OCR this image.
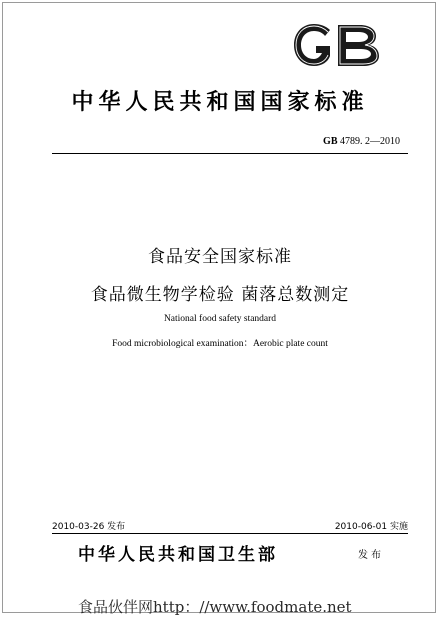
中华人民共和国国家标准
GB 4789. 2—2010
食品安全国家标准
食品微生物学检验 菌落总数测定
National food safety standard
Food microbiological examination：Aerobic plate count
2010-03-26 发布	2010-06-01 实施
中华人民共和国卫生部	发布
食品伙伴网http：//www.foodmate.net
